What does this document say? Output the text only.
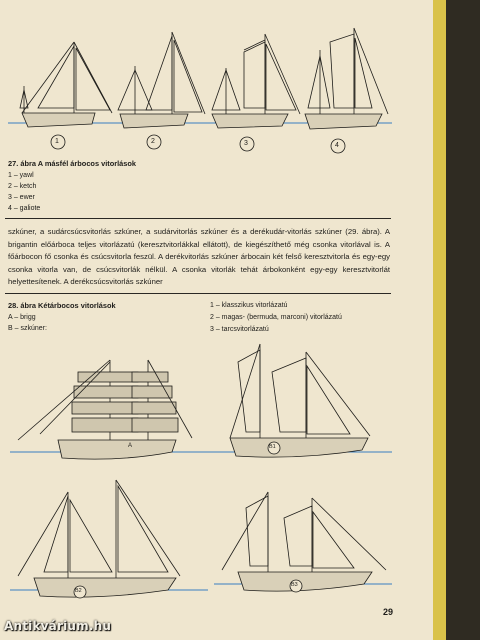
1	2	3	4
27. ábra A másfél árbocos vitorlások
1 – yawl
2 – ketch
3 – ewer
4 – galiote
szkúner, a sudárcsúcsvitorlás szkúner, a sudárvitorlás szkúner és a derékudár-vitorlás szkúner (29. ábra). A brigantin előárboca teljes vitorlázatú (keresztvitorlákkal ellátott), de kiegészíthető még csonka vitorlával is. A főárbocon fő csonka és csúcsvitorla feszül. A derékvitorlás szkúner árbocain két felső keresztvitorla és egy-egy csonka vitorla van, de csúcsvitorlák nélkül. A csonka vitorlák tehát árbokonként egy-egy keresztvitorlát helyettesítenek. A derékcsúcsvitorlás szkúner
28. ábra Kétárbocos vitorlások
A – brigg
B – szkúner:
1 – klasszikus vitorlázatú
2 – magas- (bermuda, marconi) vitorlázatú
3 – tarcsvitorlázatú
A	B1
B2
B3
29
Antikvárium.hu
